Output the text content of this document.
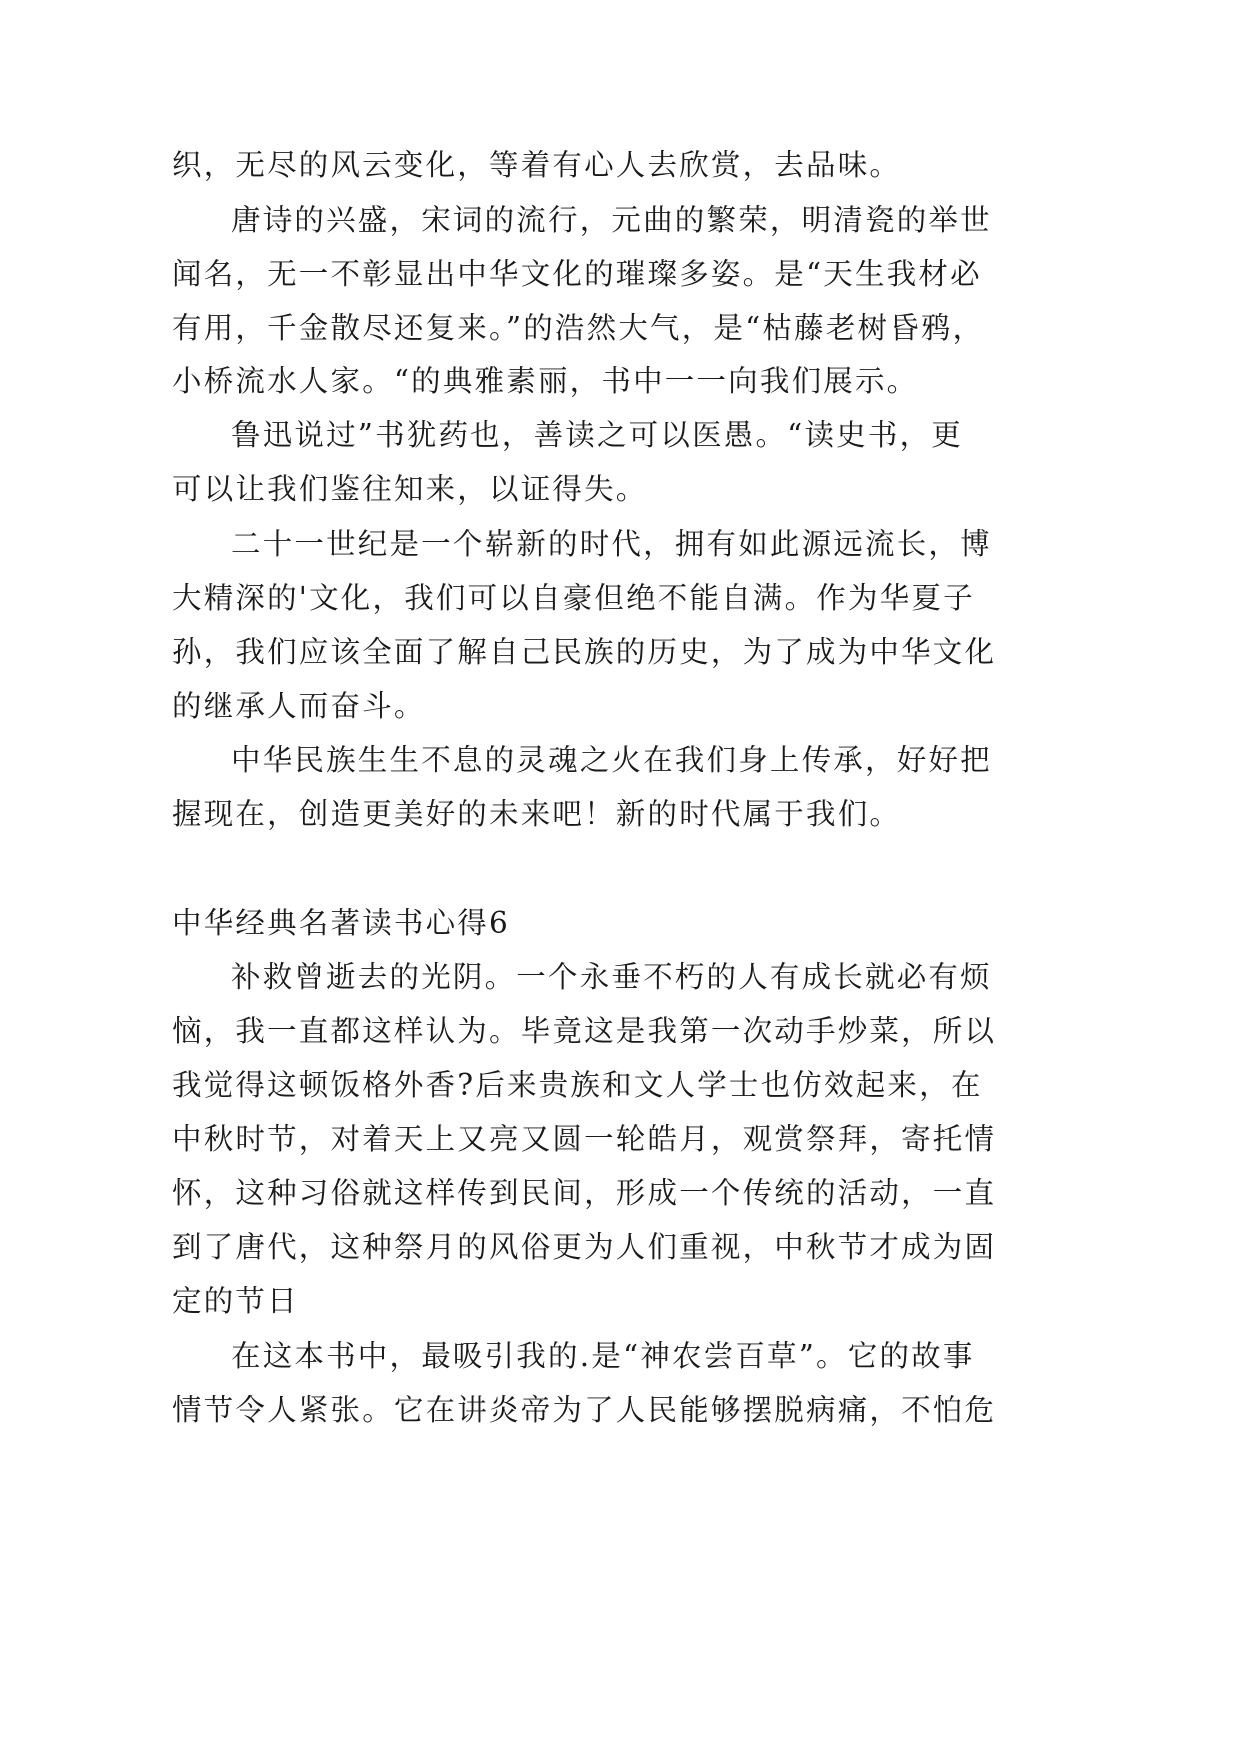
织，无尽的风云变化，等着有心人去欣赏，去品味。
唐诗的兴盛，宋词的流行，元曲的繁荣，明清瓷的举世
闻名，无一不彰显出中华文化的璀璨多姿。是“天生我材必
有用，千金散尽还复来。”的浩然大气，是“枯藤老树昏鸦，
小桥流水人家。“的典雅素丽，书中一一向我们展示。
鲁迅说过”书犹药也，善读之可以医愚。“读史书，更
可以让我们鉴往知来，以证得失。
二十一世纪是一个崭新的时代，拥有如此源远流长，博
大精深的'文化，我们可以自豪但绝不能自满。作为华夏子
孙，我们应该全面了解自己民族的历史，为了成为中华文化
的继承人而奋斗。
中华民族生生不息的灵魂之火在我们身上传承，好好把
握现在，创造更美好的未来吧！新的时代属于我们。
中华经典名著读书心得6
补救曾逝去的光阴。一个永垂不朽的人有成长就必有烦
恼，我一直都这样认为。毕竟这是我第一次动手炒菜，所以
我觉得这顿饭格外香?后来贵族和文人学士也仿效起来，在
中秋时节，对着天上又亮又圆一轮皓月，观赏祭拜，寄托情
怀，这种习俗就这样传到民间，形成一个传统的活动，一直
到了唐代，这种祭月的风俗更为人们重视，中秋节才成为固
定的节日
在这本书中，最吸引我的.是“神农尝百草”。它的故事
情节令人紧张。它在讲炎帝为了人民能够摆脱病痛，不怕危
